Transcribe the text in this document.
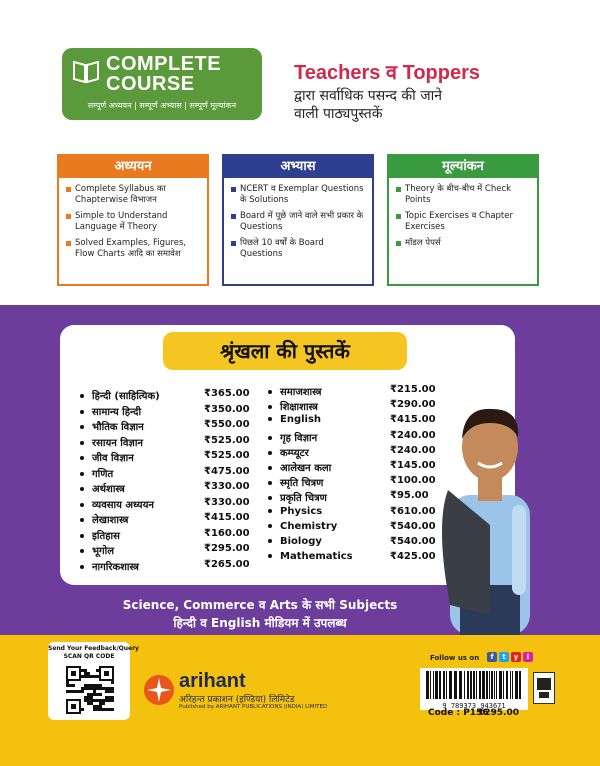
COMPLETE
COURSE
सम्पूर्ण अध्ययन | सम्पूर्ण अभ्यास | सम्पूर्ण मूल्यांकन
Teachers व Toppers
द्वारा सर्वाधिक पसन्द की जाने
वाली पाठ्यपुस्तकें
अध्ययन
Complete Syllabus का Chapterwise विभाजन
Simple to Understand Language में Theory
Solved Examples, Figures, Flow Charts आदि का समावेश
अभ्यास
NCERT व Exemplar Questions के Solutions
Board में पूछे जाने वाले सभी प्रकार के Questions
पिछले 10 वर्षों के Board Questions
मूल्यांकन
Theory के बीच-बीच में Check Points
Topic Exercises व Chapter Exercises
मॉडल पेपर्स
श्रृंखला की पुस्तकें
हिन्दी (साहित्यिक)	₹365.00
सामान्य हिन्दी	₹350.00
भौतिक विज्ञान	₹550.00
रसायन विज्ञान	₹525.00
जीव विज्ञान	₹525.00
गणित	₹475.00
अर्थशास्त्र	₹330.00
व्यवसाय अध्ययन	₹330.00
लेखाशास्त्र	₹415.00
इतिहास	₹160.00
भूगोल	₹295.00
नागरिकशास्त्र	₹265.00
समाजशास्त्र	₹215.00
शिक्षाशास्त्र	₹290.00
English	₹415.00
गृह विज्ञान	₹240.00
कम्प्यूटर	₹240.00
आलेखन कला	₹145.00
स्मृति चित्रण	₹100.00
प्रकृति चित्रण	₹95.00
Physics	₹610.00
Chemistry	₹540.00
Biology	₹540.00
Mathematics	₹425.00
Science, Commerce व Arts के सभी Subjects
हिन्दी व English मीडियम में उपलब्ध
Send Your Feedback/Query
SCAN QR CODE
arihant
अरिहन्त प्रकाशन (इण्डिया) लिमिटेड
Published by ARIHANT PUBLICATIONS (INDIA) LIMITED
Follow us on	f	t	y	i
9 789373 943671
Code : P156
₹295.00
